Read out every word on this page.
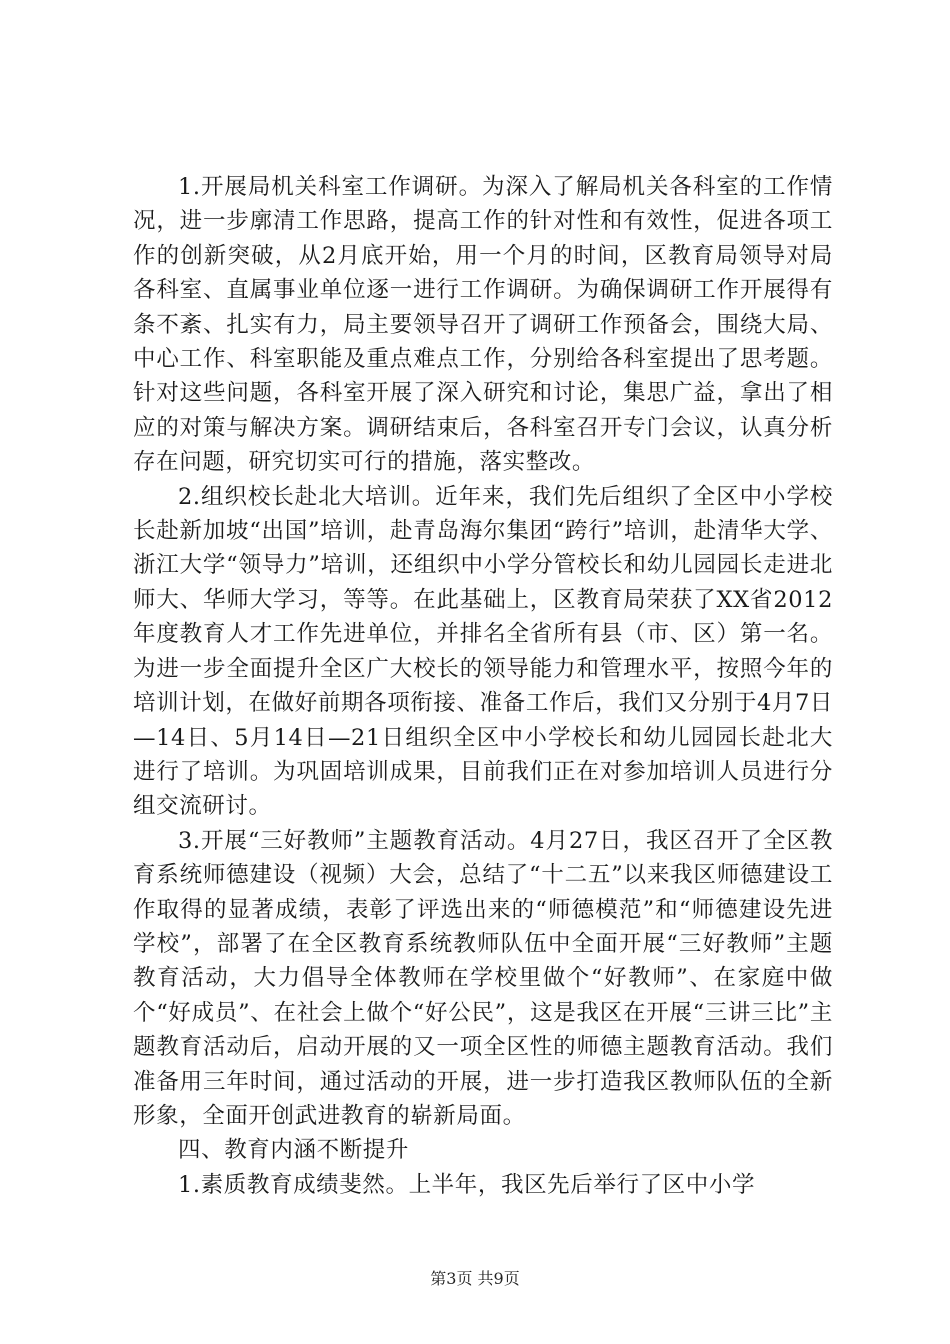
1.开展局机关科室工作调研。为深入了解局机关各科室的工作情况，进一步廓清工作思路，提高工作的针对性和有效性，促进各项工作的创新突破，从2月底开始，用一个月的时间，区教育局领导对局各科室、直属事业单位逐一进行工作调研。为确保调研工作开展得有条不紊、扎实有力，局主要领导召开了调研工作预备会，围绕大局、中心工作、科室职能及重点难点工作，分别给各科室提出了思考题。针对这些问题，各科室开展了深入研究和讨论，集思广益，拿出了相应的对策与解决方案。调研结束后，各科室召开专门会议，认真分析存在问题，研究切实可行的措施，落实整改。

2.组织校长赴北大培训。近年来，我们先后组织了全区中小学校长赴新加坡“出国”培训，赴青岛海尔集团“跨行”培训，赴清华大学、浙江大学“领导力”培训，还组织中小学分管校长和幼儿园园长走进北师大、华师大学习，等等。在此基础上，区教育局荣获了XX省2012年度教育人才工作先进单位，并排名全省所有县（市、区）第一名。为进一步全面提升全区广大校长的领导能力和管理水平，按照今年的培训计划，在做好前期各项衔接、准备工作后，我们又分别于4月7日—14日、5月14日—21日组织全区中小学校长和幼儿园园长赴北大进行了培训。为巩固培训成果，目前我们正在对参加培训人员进行分组交流研讨。

3.开展“三好教师”主题教育活动。4月27日，我区召开了全区教育系统师德建设（视频）大会，总结了“十二五”以来我区师德建设工作取得的显著成绩，表彰了评选出来的“师德模范”和“师德建设先进学校”，部署了在全区教育系统教师队伍中全面开展“三好教师”主题教育活动，大力倡导全体教师在学校里做个“好教师”、在家庭中做个“好成员”、在社会上做个“好公民”，这是我区在开展“三讲三比”主题教育活动后，启动开展的又一项全区性的师德主题教育活动。我们准备用三年时间，通过活动的开展，进一步打造我区教师队伍的全新形象，全面开创武进教育的崭新局面。

四、教育内涵不断提升

1.素质教育成绩斐然。上半年，我区先后举行了区中小学

第3页 共9页
